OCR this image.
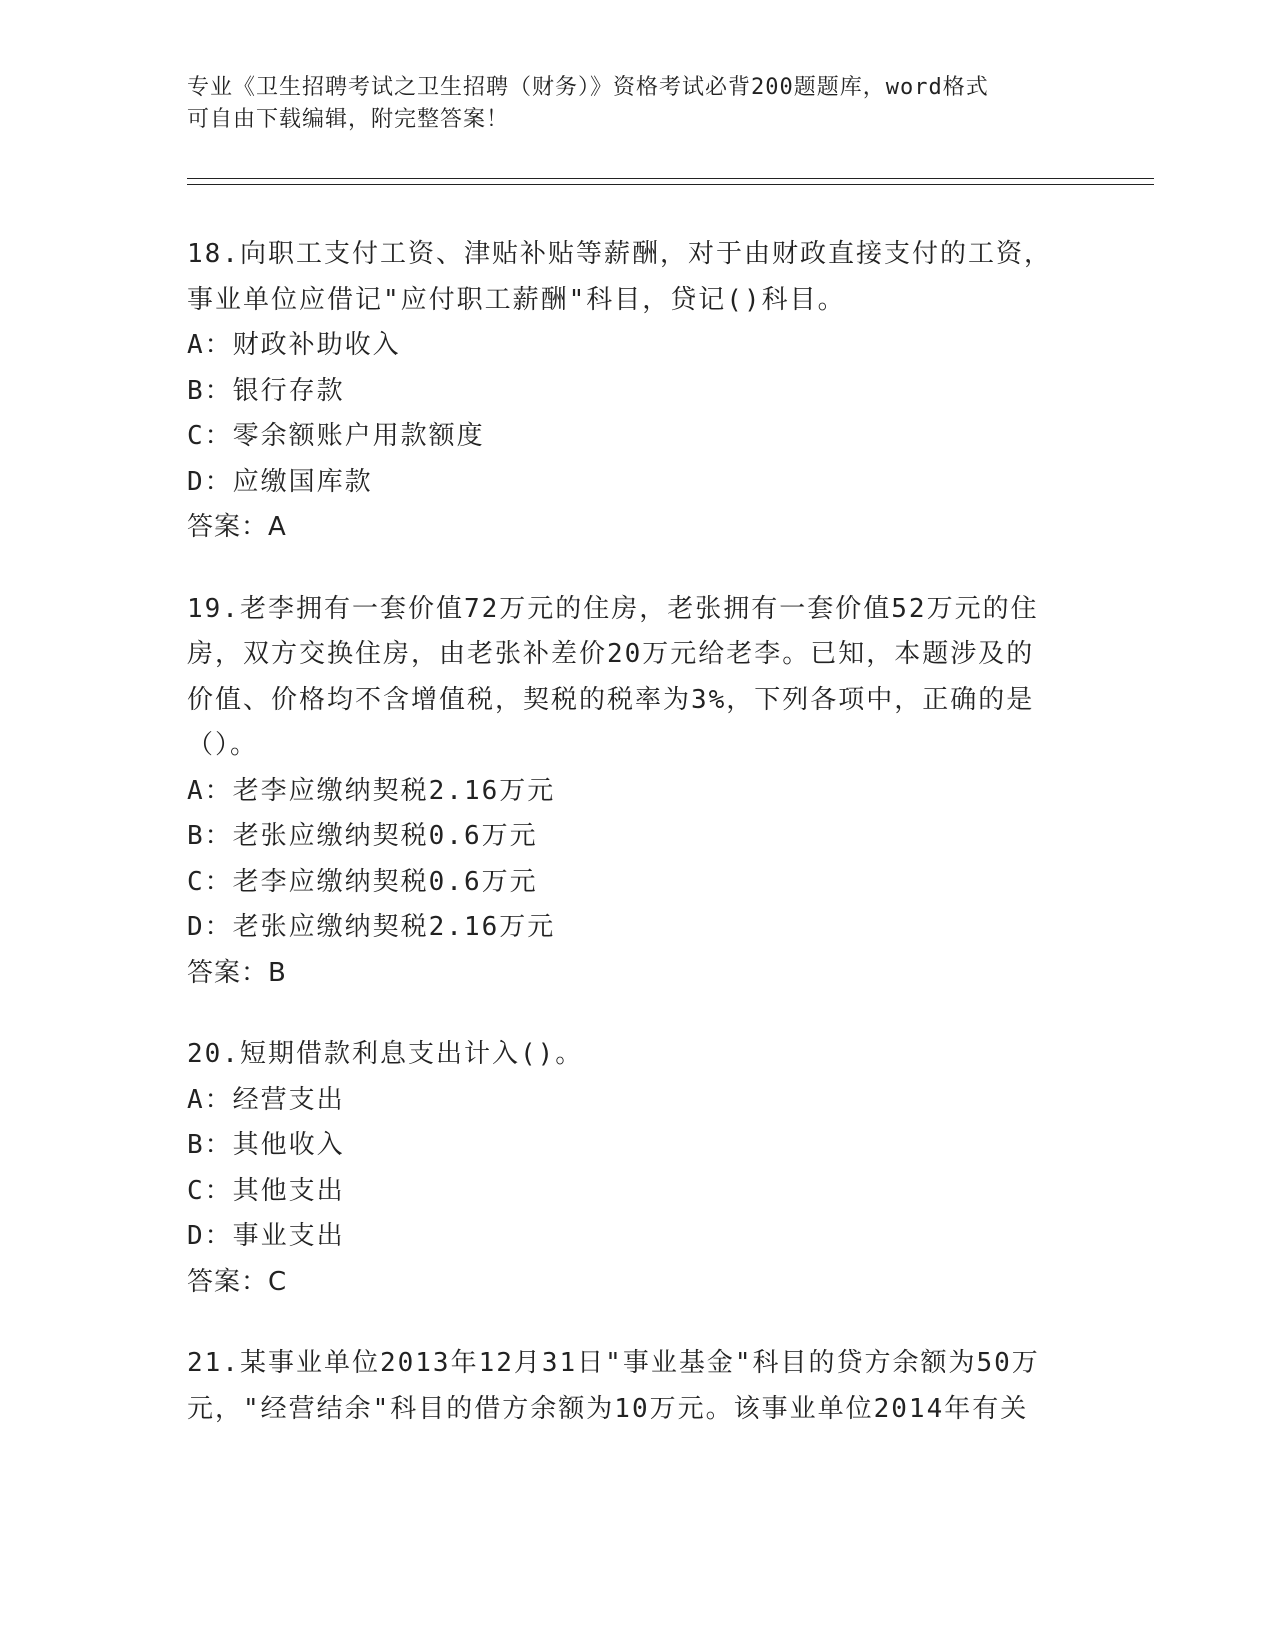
专业《卫生招聘考试之卫生招聘（财务）》资格考试必背200题题库，word格式
可自由下载编辑，附完整答案！

18.向职工支付工资、津贴补贴等薪酬，对于由财政直接支付的工资，

事业单位应借记"应付职工薪酬"科目，贷记()科目。

A：财政补助收入

B：银行存款

C：零余额账户用款额度

D：应缴国库款

答案：A

19.老李拥有一套价值72万元的住房，老张拥有一套价值52万元的住

房，双方交换住房，由老张补差价20万元给老李。已知，本题涉及的

价值、价格均不含增值税，契税的税率为3%，下列各项中，正确的是

（）。

A：老李应缴纳契税2.16万元

B：老张应缴纳契税0.6万元

C：老李应缴纳契税0.6万元

D：老张应缴纳契税2.16万元

答案：B

20.短期借款利息支出计入()。

A：经营支出

B：其他收入

C：其他支出

D：事业支出

答案：C

21.某事业单位2013年12月31日"事业基金"科目的贷方余额为50万

元，"经营结余"科目的借方余额为10万元。该事业单位2014年有关
